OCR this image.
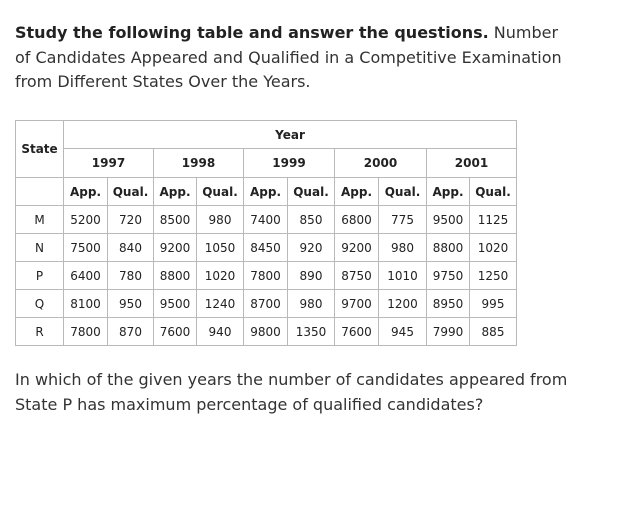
Study the following table and answer the questions. Number of Candidates Appeared and Qualified in a Competitive Examination from Different States Over the Years.

State	Year									
	1997		1998		1999		2000		2001	
	App.	Qual.	App.	Qual.	App.	Qual.	App.	Qual.	App.	Qual.
M	5200	720	8500	980	7400	850	6800	775	9500	1125
N	7500	840	9200	1050	8450	920	9200	980	8800	1020
P	6400	780	8800	1020	7800	890	8750	1010	9750	1250
Q	8100	950	9500	1240	8700	980	9700	1200	8950	995
R	7800	870	7600	940	9800	1350	7600	945	7990	885

In which of the given years the number of candidates appeared from State P has maximum percentage of qualified candidates?
